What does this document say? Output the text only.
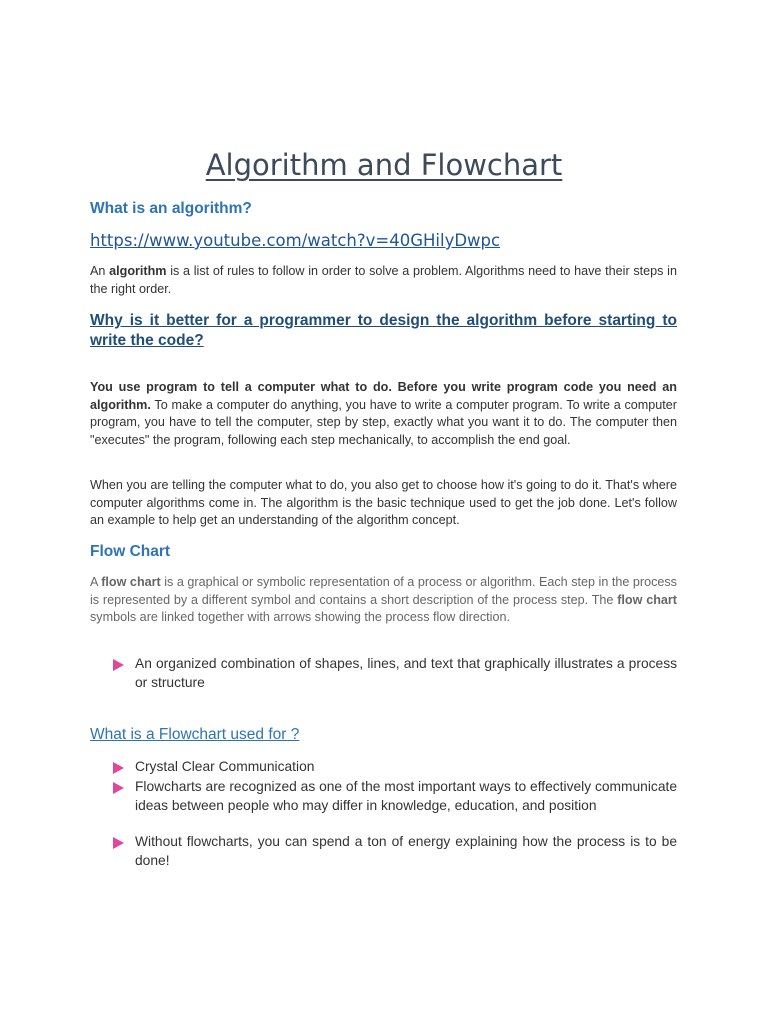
Algorithm and Flowchart
What is an algorithm?
https://www.youtube.com/watch?v=40GHilyDwpc
An algorithm is a list of rules to follow in order to solve a problem. Algorithms need to have their steps in the right order.
Why is it better for a programmer to design the algorithm before starting to write the code?
You use program to tell a computer what to do. Before you write program code you need an algorithm. To make a computer do anything, you have to write a computer program. To write a computer program, you have to tell the computer, step by step, exactly what you want it to do. The computer then "executes" the program, following each step mechanically, to accomplish the end goal.
When you are telling the computer what to do, you also get to choose how it's going to do it. That's where computer algorithms come in. The algorithm is the basic technique used to get the job done. Let's follow an example to help get an understanding of the algorithm concept.
Flow Chart
A flow chart is a graphical or symbolic representation of a process or algorithm. Each step in the process is represented by a different symbol and contains a short description of the process step. The flow chart symbols are linked together with arrows showing the process flow direction.
An organized combination of shapes, lines, and text that graphically illustrates a process or structure
What is a Flowchart used for ?
Crystal Clear Communication
Flowcharts are recognized as one of the most important ways to effectively communicate ideas between people who may differ in knowledge, education, and position
Without flowcharts, you can spend a ton of energy explaining how the process is to be done!
